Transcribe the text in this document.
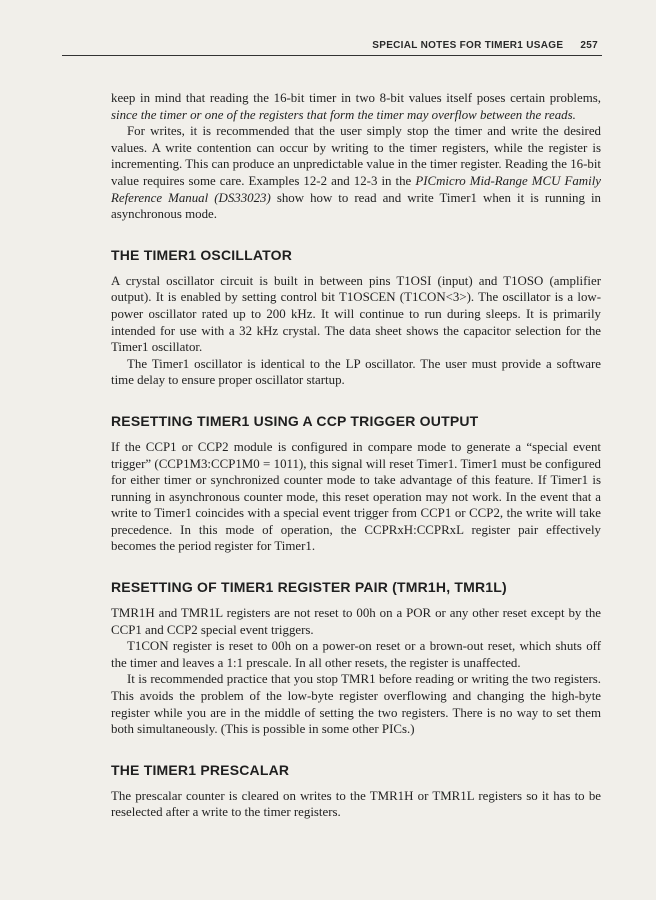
SPECIAL NOTES FOR TIMER1 USAGE 257

keep in mind that reading the 16-bit timer in two 8-bit values itself poses certain problems, since the timer or one of the registers that form the timer may overflow between the reads.

For writes, it is recommended that the user simply stop the timer and write the desired values. A write contention can occur by writing to the timer registers, while the register is incrementing. This can produce an unpredictable value in the timer register. Reading the 16-bit value requires some care. Examples 12-2 and 12-3 in the PICmicro Mid-Range MCU Family Reference Manual (DS33023) show how to read and write Timer1 when it is running in asynchronous mode.

THE TIMER1 OSCILLATOR

A crystal oscillator circuit is built in between pins T1OSI (input) and T1OSO (amplifier output). It is enabled by setting control bit T1OSCEN (T1CON<3>). The oscillator is a low-power oscillator rated up to 200 kHz. It will continue to run during sleeps. It is primarily intended for use with a 32 kHz crystal. The data sheet shows the capacitor selection for the Timer1 oscillator.

The Timer1 oscillator is identical to the LP oscillator. The user must provide a software time delay to ensure proper oscillator startup.

RESETTING TIMER1 USING A CCP TRIGGER OUTPUT

If the CCP1 or CCP2 module is configured in compare mode to generate a “special event trigger” (CCP1M3:CCP1M0 = 1011), this signal will reset Timer1. Timer1 must be configured for either timer or synchronized counter mode to take advantage of this feature. If Timer1 is running in asynchronous counter mode, this reset operation may not work. In the event that a write to Timer1 coincides with a special event trigger from CCP1 or CCP2, the write will take precedence. In this mode of operation, the CCPRxH:CCPRxL register pair effectively becomes the period register for Timer1.

RESETTING OF TIMER1 REGISTER PAIR (TMR1H, TMR1L)

TMR1H and TMR1L registers are not reset to 00h on a POR or any other reset except by the CCP1 and CCP2 special event triggers.

T1CON register is reset to 00h on a power-on reset or a brown-out reset, which shuts off the timer and leaves a 1:1 prescale. In all other resets, the register is unaffected.

It is recommended practice that you stop TMR1 before reading or writing the two registers. This avoids the problem of the low-byte register overflowing and changing the high-byte register while you are in the middle of setting the two registers. There is no way to set them both simultaneously. (This is possible in some other PICs.)

THE TIMER1 PRESCALAR

The prescalar counter is cleared on writes to the TMR1H or TMR1L registers so it has to be reselected after a write to the timer registers.
